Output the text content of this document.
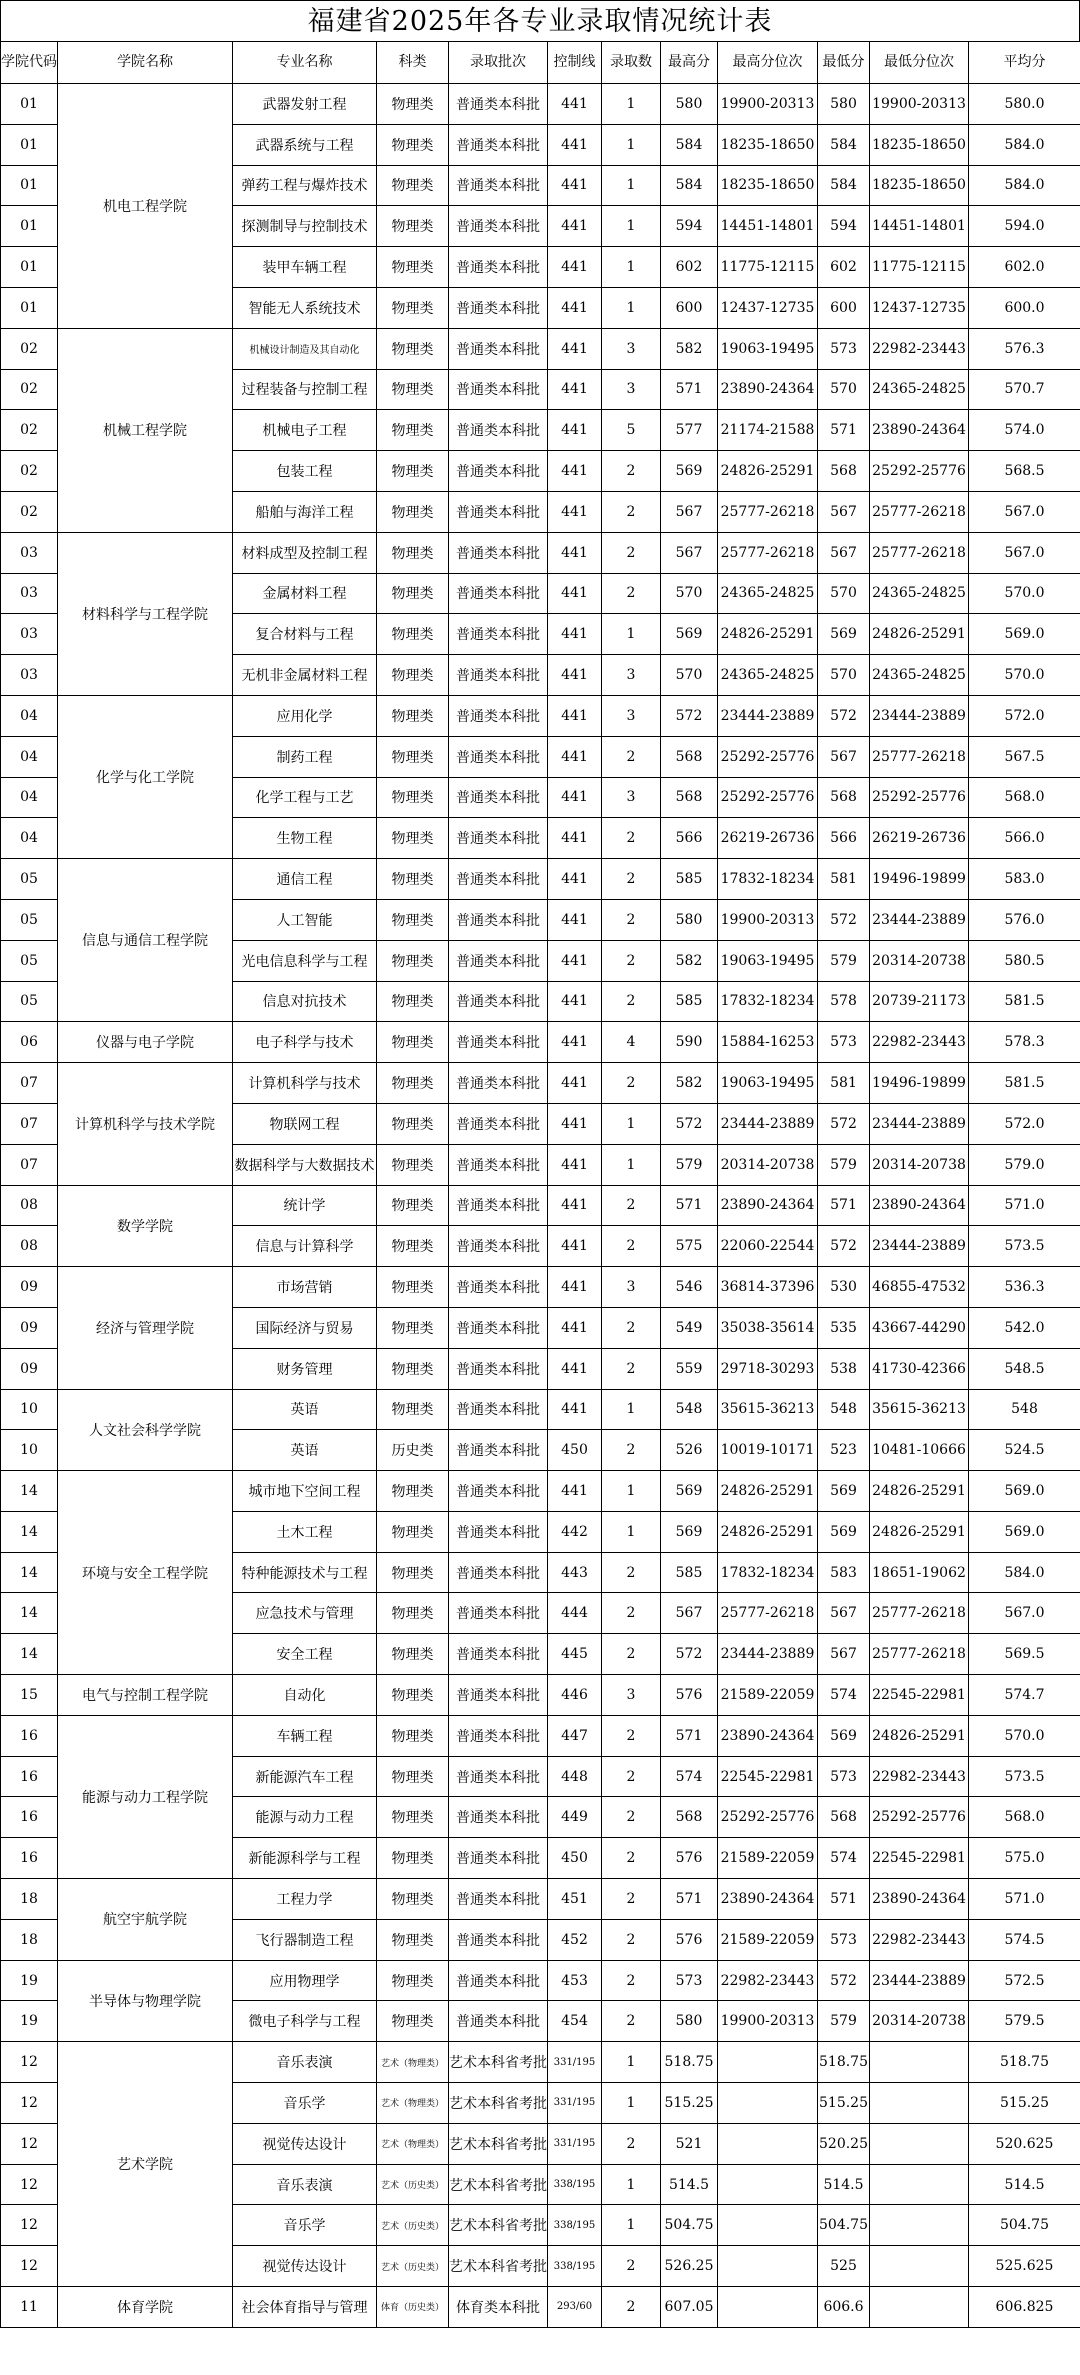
福建省2025年各专业录取情况统计表
学院代码	学院名称	专业名称	科类	录取批次	控制线	录取数	最高分	最高分位次	最低分	最低分位次	平均分
01	机电工程学院	武器发射工程	物理类	普通类本科批	441	1	580	19900-20313	580	19900-20313	580.0
01		武器系统与工程	物理类	普通类本科批	441	1	584	18235-18650	584	18235-18650	584.0
01		弹药工程与爆炸技术	物理类	普通类本科批	441	1	584	18235-18650	584	18235-18650	584.0
01		探测制导与控制技术	物理类	普通类本科批	441	1	594	14451-14801	594	14451-14801	594.0
01		装甲车辆工程	物理类	普通类本科批	441	1	602	11775-12115	602	11775-12115	602.0
01		智能无人系统技术	物理类	普通类本科批	441	1	600	12437-12735	600	12437-12735	600.0
02	机械工程学院	机械设计制造及其自动化	物理类	普通类本科批	441	3	582	19063-19495	573	22982-23443	576.3
02		过程装备与控制工程	物理类	普通类本科批	441	3	571	23890-24364	570	24365-24825	570.7
02		机械电子工程	物理类	普通类本科批	441	5	577	21174-21588	571	23890-24364	574.0
02		包装工程	物理类	普通类本科批	441	2	569	24826-25291	568	25292-25776	568.5
02		船舶与海洋工程	物理类	普通类本科批	441	2	567	25777-26218	567	25777-26218	567.0
03	材料科学与工程学院	材料成型及控制工程	物理类	普通类本科批	441	2	567	25777-26218	567	25777-26218	567.0
03		金属材料工程	物理类	普通类本科批	441	2	570	24365-24825	570	24365-24825	570.0
03		复合材料与工程	物理类	普通类本科批	441	1	569	24826-25291	569	24826-25291	569.0
03		无机非金属材料工程	物理类	普通类本科批	441	3	570	24365-24825	570	24365-24825	570.0
04	化学与化工学院	应用化学	物理类	普通类本科批	441	3	572	23444-23889	572	23444-23889	572.0
04		制药工程	物理类	普通类本科批	441	2	568	25292-25776	567	25777-26218	567.5
04		化学工程与工艺	物理类	普通类本科批	441	3	568	25292-25776	568	25292-25776	568.0
04		生物工程	物理类	普通类本科批	441	2	566	26219-26736	566	26219-26736	566.0
05	信息与通信工程学院	通信工程	物理类	普通类本科批	441	2	585	17832-18234	581	19496-19899	583.0
05		人工智能	物理类	普通类本科批	441	2	580	19900-20313	572	23444-23889	576.0
05		光电信息科学与工程	物理类	普通类本科批	441	2	582	19063-19495	579	20314-20738	580.5
05		信息对抗技术	物理类	普通类本科批	441	2	585	17832-18234	578	20739-21173	581.5
06	仪器与电子学院	电子科学与技术	物理类	普通类本科批	441	4	590	15884-16253	573	22982-23443	578.3
07	计算机科学与技术学院	计算机科学与技术	物理类	普通类本科批	441	2	582	19063-19495	581	19496-19899	581.5
07		物联网工程	物理类	普通类本科批	441	1	572	23444-23889	572	23444-23889	572.0
07		数据科学与大数据技术	物理类	普通类本科批	441	1	579	20314-20738	579	20314-20738	579.0
08	数学学院	统计学	物理类	普通类本科批	441	2	571	23890-24364	571	23890-24364	571.0
08		信息与计算科学	物理类	普通类本科批	441	2	575	22060-22544	572	23444-23889	573.5
09	经济与管理学院	市场营销	物理类	普通类本科批	441	3	546	36814-37396	530	46855-47532	536.3
09		国际经济与贸易	物理类	普通类本科批	441	2	549	35038-35614	535	43667-44290	542.0
09		财务管理	物理类	普通类本科批	441	2	559	29718-30293	538	41730-42366	548.5
10	人文社会科学学院	英语	物理类	普通类本科批	441	1	548	35615-36213	548	35615-36213	548
10		英语	历史类	普通类本科批	450	2	526	10019-10171	523	10481-10666	524.5
14	环境与安全工程学院	城市地下空间工程	物理类	普通类本科批	441	1	569	24826-25291	569	24826-25291	569.0
14		土木工程	物理类	普通类本科批	442	1	569	24826-25291	569	24826-25291	569.0
14		特种能源技术与工程	物理类	普通类本科批	443	2	585	17832-18234	583	18651-19062	584.0
14		应急技术与管理	物理类	普通类本科批	444	2	567	25777-26218	567	25777-26218	567.0
14		安全工程	物理类	普通类本科批	445	2	572	23444-23889	567	25777-26218	569.5
15	电气与控制工程学院	自动化	物理类	普通类本科批	446	3	576	21589-22059	574	22545-22981	574.7
16	能源与动力工程学院	车辆工程	物理类	普通类本科批	447	2	571	23890-24364	569	24826-25291	570.0
16		新能源汽车工程	物理类	普通类本科批	448	2	574	22545-22981	573	22982-23443	573.5
16		能源与动力工程	物理类	普通类本科批	449	2	568	25292-25776	568	25292-25776	568.0
16		新能源科学与工程	物理类	普通类本科批	450	2	576	21589-22059	574	22545-22981	575.0
18	航空宇航学院	工程力学	物理类	普通类本科批	451	2	571	23890-24364	571	23890-24364	571.0
18		飞行器制造工程	物理类	普通类本科批	452	2	576	21589-22059	573	22982-23443	574.5
19	半导体与物理学院	应用物理学	物理类	普通类本科批	453	2	573	22982-23443	572	23444-23889	572.5
19		微电子科学与工程	物理类	普通类本科批	454	2	580	19900-20313	579	20314-20738	579.5
12	艺术学院	音乐表演	艺术（物理类）	艺术本科省考批	331/195	1	518.75		518.75		518.75
12		音乐学	艺术（物理类）	艺术本科省考批	331/195	1	515.25		515.25		515.25
12		视觉传达设计	艺术（物理类）	艺术本科省考批	331/195	2	521		520.25		520.625
12		音乐表演	艺术（历史类）	艺术本科省考批	338/195	1	514.5		514.5		514.5
12		音乐学	艺术（历史类）	艺术本科省考批	338/195	1	504.75		504.75		504.75
12		视觉传达设计	艺术（历史类）	艺术本科省考批	338/195	2	526.25		525		525.625
11	体育学院	社会体育指导与管理	体育（历史类）	体育类本科批	293/60	2	607.05		606.6		606.825
